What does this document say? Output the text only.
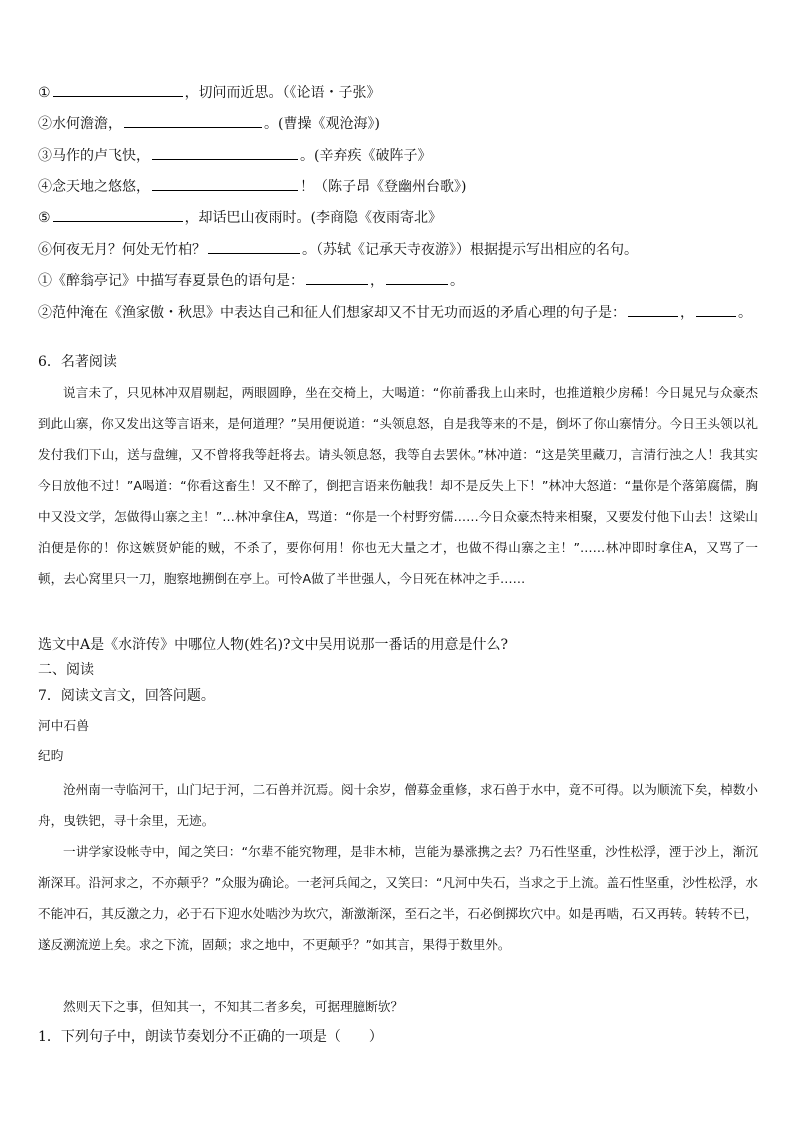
①	，切问而近思。（《论语・子张》
②水何澹澹，	。(曹操《观沧海》)
③马作的卢飞快，	。(辛弃疾《破阵子》
④念天地之悠悠，	！（陈子昂《登幽州台歌》)
⑤	，却话巴山夜雨时。(李商隐《夜雨寄北》
⑥何夜无月？何处无竹柏？	。（苏轼《记承天寺夜游》）根据提示写出相应的名句。
①《醉翁亭记》中描写春夏景色的语句是：	，	。
②范仲淹在《渔家傲・秋思》中表达自己和征人们想家却又不甘无功而返的矛盾心理的句子是：	，	。
6．名著阅读
说言未了，只见林冲双眉剔起，两眼圆睁，坐在交椅上，大喝道：“你前番我上山来时，也推道粮少房稀！今日晁兄与众豪杰到此山寨，你又发出这等言语来，是何道理？”吴用便说道：“头领息怒，自是我等来的不是，倒坏了你山寨情分。今日王头领以礼发付我们下山，送与盘缠，又不曾将我等赶将去。请头领息怒，我等自去罢休。”林冲道：“这是笑里藏刀，言清行浊之人！我其实今日放他不过！”A喝道：“你看这畜生！又不醉了，倒把言语来伤触我！却不是反失上下！”林冲大怒道：“量你是个落第腐儒，胸中又没文学，怎做得山寨之主！”…林冲拿住A，骂道：“你是一个村野穷儒……今日众豪杰特来相聚，又要发付他下山去！这梁山泊便是你的！你这嫉贤妒能的贼，不杀了，要你何用！你也无大量之才，也做不得山寨之主！”……林冲即时拿住A，又骂了一顿，去心窝里只一刀，胞察地搠倒在亭上。可怜A做了半世强人，今日死在林冲之手……
选文中A是《水浒传》中哪位人物(姓名)?文中吴用说那一番话的用意是什么?
二、阅读
7．阅读文言文，回答问题。
河中石兽
纪昀
沧州南一寺临河干，山门圮于河，二石兽并沉焉。阅十余岁，僧募金重修，求石兽于水中，竟不可得。以为顺流下矣，棹数小舟，曳铁钯，寻十余里，无迹。
一讲学家设帐寺中，闻之笑曰：“尔辈不能究物理，是非木柿，岂能为暴涨携之去？乃石性坚重，沙性松浮，湮于沙上，渐沉渐深耳。沿河求之，不亦颠乎？”众服为确论。一老河兵闻之，又笑曰：“凡河中失石，当求之于上流。盖石性坚重，沙性松浮，水不能冲石，其反激之力，必于石下迎水处啮沙为坎穴，渐激渐深，至石之半，石必倒掷坎穴中。如是再啮，石又再转。转转不已，遂反溯流逆上矣。求之下流，固颠；求之地中，不更颠乎？”如其言，果得于数里外。
然则天下之事，但知其一，不知其二者多矣，可据理臆断欤？
1．下列句子中，朗读节奏划分不正确的一项是（　　）
